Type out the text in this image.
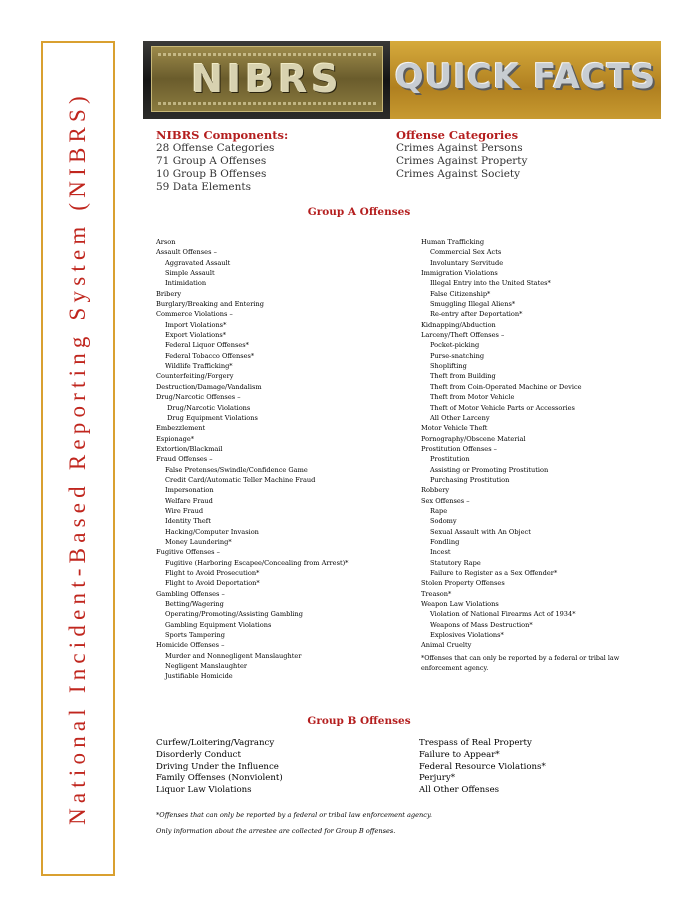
National Incident-Based Reporting System (NIBRS)
NIBRS	QUICK FACTS
NIBRS Components:
28 Offense Categories
71 Group A Offenses
10 Group B Offenses
59 Data Elements
Offense Categories
Crimes Against Persons
Crimes Against Property
Crimes Against Society
Group A Offenses
Arson
Assault Offenses –
Aggravated Assault
Simple Assault
Intimidation
Bribery
Burglary/Breaking and Entering
Commerce Violations –
Import Violations*
Export Violations*
Federal Liquor Offenses*
Federal Tobacco Offenses*
Wildlife Trafficking*
Counterfeiting/Forgery
Destruction/Damage/Vandalism
Drug/Narcotic Offenses –
Drug/Narcotic Violations
Drug Equipment Violations
Embezzlement
Espionage*
Extortion/Blackmail
Fraud Offenses –
False Pretenses/Swindle/Confidence Game
Credit Card/Automatic Teller Machine Fraud
Impersonation
Welfare Fraud
Wire Fraud
Identity Theft
Hacking/Computer Invasion
Money Laundering*
Fugitive Offenses –
Fugitive (Harboring Escapee/Concealing from Arrest)*
Flight to Avoid Prosecution*
Flight to Avoid Deportation*
Gambling Offenses –
Betting/Wagering
Operating/Promoting/Assisting Gambling
Gambling Equipment Violations
Sports Tampering
Homicide Offenses –
Murder and Nonnegligent Manslaughter
Negligent Manslaughter
Justifiable Homicide
Human Trafficking
Commercial Sex Acts
Involuntary Servitude
Immigration Violations
Illegal Entry into the United States*
False Citizenship*
Smuggling Illegal Aliens*
Re-entry after Deportation*
Kidnapping/Abduction
Larceny/Theft Offenses –
Pocket-picking
Purse-snatching
Shoplifting
Theft from Building
Theft from Coin-Operated Machine or Device
Theft from Motor Vehicle
Theft of Motor Vehicle Parts or Accessories
All Other Larceny
Motor Vehicle Theft
Pornography/Obscene Material
Prostitution Offenses –
Prostitution
Assisting or Promoting Prostitution
Purchasing Prostitution
Robbery
Sex Offenses –
Rape
Sodomy
Sexual Assault with An Object
Fondling
Incest
Statutory Rape
Failure to Register as a Sex Offender*
Stolen Property Offenses
Treason*
Weapon Law Violations
Violation of National Firearms Act of 1934*
Weapons of Mass Destruction*
Explosives Violations*
Animal Cruelty
*Offenses that can only be reported by a federal or tribal law enforcement agency.
Group B Offenses
Curfew/Loitering/Vagrancy
Disorderly Conduct
Driving Under the Influence
Family Offenses (Nonviolent)
Liquor Law Violations
Trespass of Real Property
Failure to Appear*
Federal Resource Violations*
Perjury*
All Other Offenses
*Offenses that can only be reported by a federal or tribal law enforcement agency.
Only information about the arrestee are collected for Group B offenses.
